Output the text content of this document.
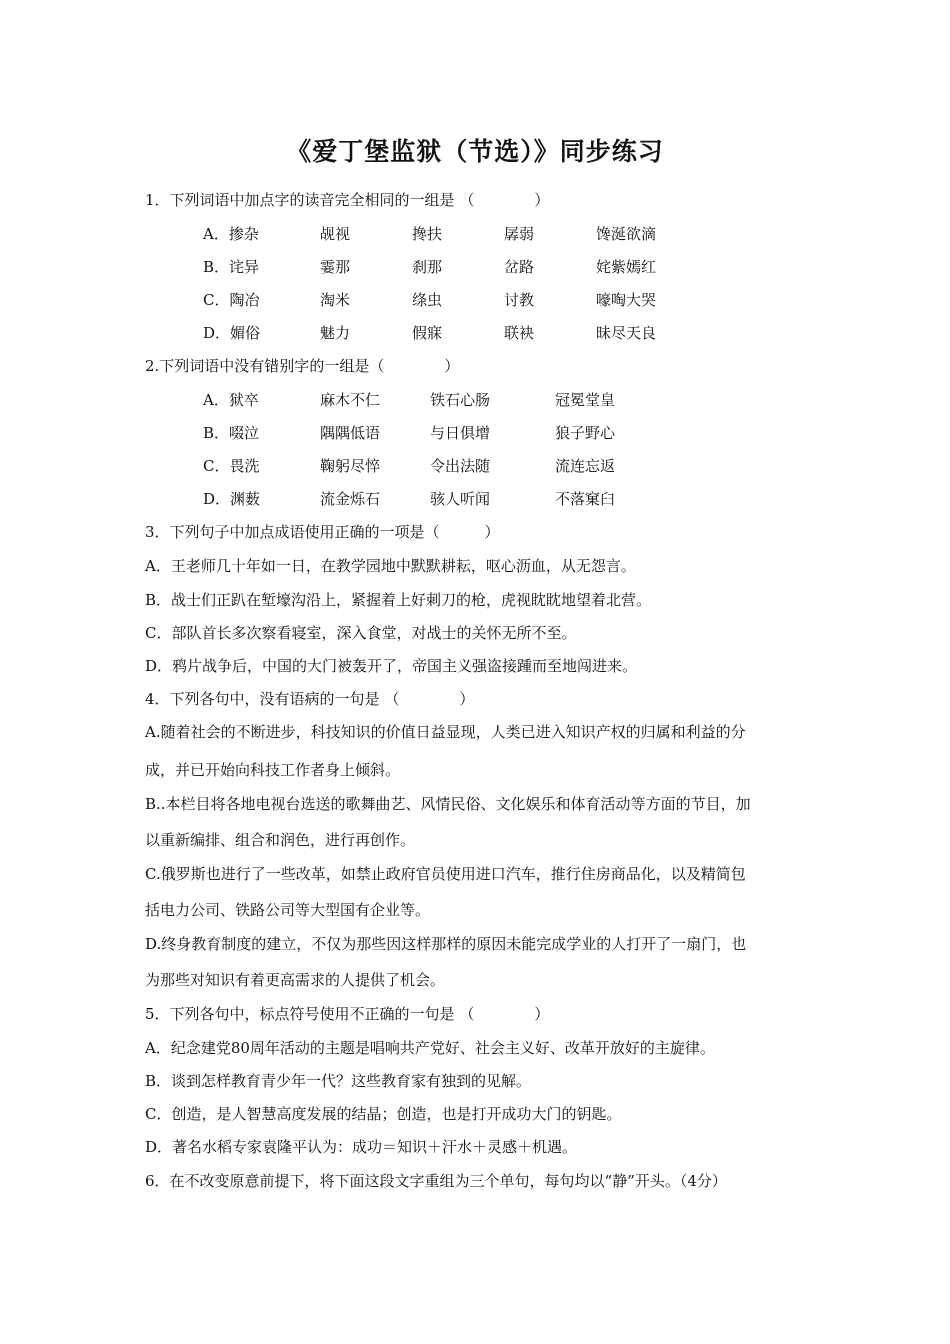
《爱丁堡监狱（节选）》同步练习
1．下列词语中加点字的读音完全相同的一组是 （　　　　）
A．掺杂	觇视	搀扶	孱弱	馋涎欲滴
B．诧异	霎那	刹那	岔路	姹紫嫣红
C．陶冶	淘米	绦虫	讨教	嚎啕大哭
D．媚俗	魅力	假寐	联袂	昧尽天良
2.下列词语中没有错别字的一组是（　　　　）
A．狱卒	麻木不仁	铁石心肠	冠冕堂皇
B．啜泣	隅隅低语	与日俱增	狼子野心
C．畏洗	鞠躬尽悴	令出法随	流连忘返
D．渊薮	流金烁石	骇人听闻	不落窠臼
3．下列句子中加点成语使用正确的一项是（　　　）
A．王老师几十年如一日，在教学园地中默默耕耘，呕心沥血，从无怨言。
B．战士们正趴在堑壕沟沿上，紧握着上好刺刀的枪，虎视眈眈地望着北营。
C．部队首长多次察看寝室，深入食堂，对战士的关怀无所不至。
D．鸦片战争后，中国的大门被轰开了，帝国主义强盗接踵而至地闯进来。
4．下列各句中，没有语病的一句是 （　　　　）
A.随着社会的不断进步，科技知识的价值日益显现，人类已进入知识产权的归属和利益的分
成，并已开始向科技工作者身上倾斜。
B..本栏目将各地电视台选送的歌舞曲艺、风情民俗、文化娱乐和体育活动等方面的节目，加
以重新编排、组合和润色，进行再创作。
C.俄罗斯也进行了一些改革，如禁止政府官员使用进口汽车，推行住房商品化，以及精简包
括电力公司、铁路公司等大型国有企业等。
D.终身教育制度的建立，不仅为那些因这样那样的原因未能完成学业的人打开了一扇门，也
为那些对知识有着更高需求的人提供了机会。
5．下列各句中，标点符号使用不正确的一句是 （　　　　）
A．纪念建党80周年活动的主题是唱响共产党好、社会主义好、改革开放好的主旋律。
B．谈到怎样教育青少年一代？这些教育家有独到的见解。
C．创造，是人智慧高度发展的结晶；创造，也是打开成功大门的钥匙。
D．著名水稻专家袁隆平认为：成功＝知识＋汗水＋灵感＋机遇。
6．在不改变原意前提下，将下面这段文字重组为三个单句，每句均以“静”开头。（4分）
